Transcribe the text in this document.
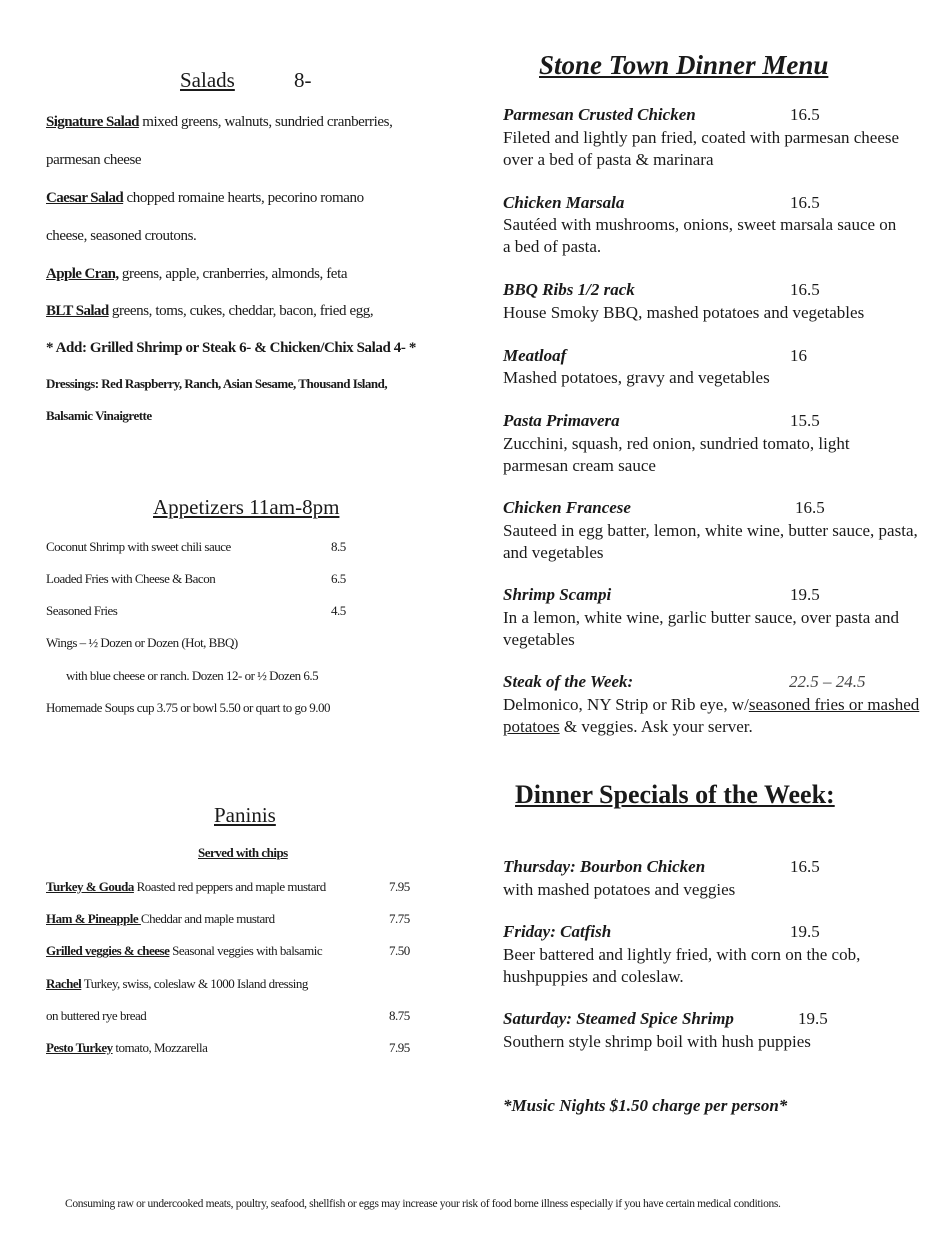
Salads	8-
Signature Salad mixed greens, walnuts, sundried cranberries,
parmesan cheese
Caesar Salad chopped romaine hearts, pecorino romano
cheese, seasoned croutons.
Apple Cran, greens, apple, cranberries, almonds, feta
BLT Salad greens, toms, cukes, cheddar, bacon, fried egg,
* Add: Grilled Shrimp or Steak 6- & Chicken/Chix Salad 4- *
Dressings: Red Raspberry, Ranch, Asian Sesame, Thousand Island,
Balsamic Vinaigrette
Appetizers 11am-8pm
Coconut Shrimp with sweet chili sauce	8.5
Loaded Fries with Cheese & Bacon	6.5
Seasoned Fries	4.5
Wings – ½ Dozen or Dozen (Hot, BBQ)
with blue cheese or ranch. Dozen 12- or ½ Dozen 6.5
Homemade Soups cup 3.75 or bowl 5.50 or quart to go 9.00
Paninis
Served with chips
Turkey & Gouda Roasted red peppers and maple mustard	7.95
Ham & Pineapple Cheddar and maple mustard	7.75
Grilled veggies & cheese Seasonal veggies with balsamic	7.50
Rachel Turkey, swiss, coleslaw & 1000 Island dressing
on buttered rye bread	8.75
Pesto Turkey tomato, Mozzarella	7.95
Stone Town Dinner Menu
Parmesan Crusted Chicken	16.5
Fileted and lightly pan fried, coated with parmesan cheese over a bed of pasta & marinara
Chicken Marsala	16.5
Sautéed with mushrooms, onions, sweet marsala sauce on a bed of pasta.
BBQ Ribs 1/2 rack	16.5
House Smoky BBQ, mashed potatoes and vegetables
Meatloaf	16
Mashed potatoes, gravy and vegetables
Pasta Primavera	15.5
Zucchini, squash, red onion, sundried tomato, light parmesan cream sauce
Chicken Francese	16.5
Sauteed in egg batter, lemon, white wine, butter sauce, pasta, and vegetables
Shrimp Scampi	19.5
In a lemon, white wine, garlic butter sauce, over pasta and vegetables
Steak of the Week:	22.5 – 24.5
Delmonico, NY Strip or Rib eye, w/seasoned fries or mashed potatoes & veggies. Ask your server.
Dinner Specials of the Week:
Thursday: Bourbon Chicken	16.5
with mashed potatoes and veggies
Friday: Catfish	19.5
Beer battered and lightly fried, with corn on the cob, hushpuppies and coleslaw.
Saturday: Steamed Spice Shrimp	19.5
Southern style shrimp boil with hush puppies
*Music Nights $1.50 charge per person*
Consuming raw or undercooked meats, poultry, seafood, shellfish or eggs may increase your risk of food borne illness especially if you have certain medical conditions.
